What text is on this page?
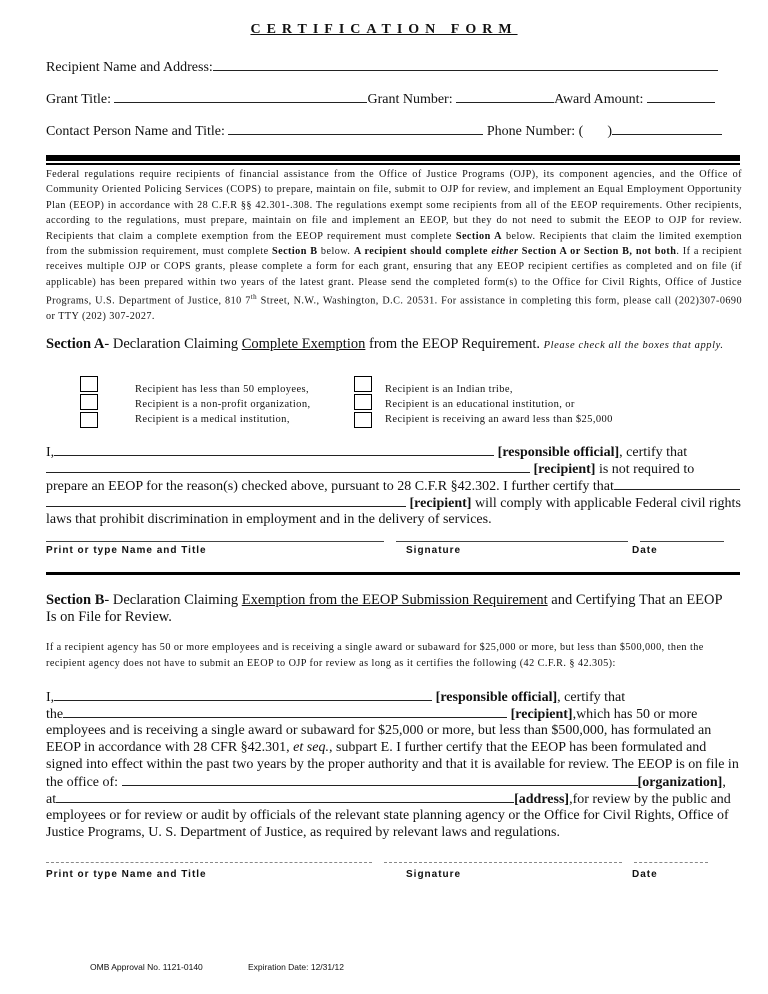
CERTIFICATION FORM
Recipient Name and Address:
Grant Title:	Grant Number:	Award Amount:
Contact Person Name and Title:	Phone Number: ( )
Federal regulations require recipients of financial assistance from the Office of Justice Programs (OJP), its component agencies, and the Office of Community Oriented Policing Services (COPS) to prepare, maintain on file, submit to OJP for review, and implement an Equal Employment Opportunity Plan (EEOP) in accordance with 28 C.F.R §§ 42.301-.308. The regulations exempt some recipients from all of the EEOP requirements. Other recipients, according to the regulations, must prepare, maintain on file and implement an EEOP, but they do not need to submit the EEOP to OJP for review. Recipients that claim a complete exemption from the EEOP requirement must complete Section A below. Recipients that claim the limited exemption from the submission requirement, must complete Section B below. A recipient should complete either Section A or Section B, not both. If a recipient receives multiple OJP or COPS grants, please complete a form for each grant, ensuring that any EEOP recipient certifies as completed and on file (if applicable) has been prepared within two years of the latest grant. Please send the completed form(s) to the Office for Civil Rights, Office of Justice Programs, U.S. Department of Justice, 810 7th Street, N.W., Washington, D.C. 20531. For assistance in completing this form, please call (202)307-0690 or TTY (202) 307-2027.
Section A- Declaration Claiming Complete Exemption from the EEOP Requirement. Please check all the boxes that apply.
Recipient has less than 50 employees,
Recipient is a non-profit organization,
Recipient is a medical institution,
Recipient is an Indian tribe,
Recipient is an educational institution, or
Recipient is receiving an award less than $25,000
I,	[responsible official], certify that
[recipient] is not required to
prepare an EEOP for the reason(s) checked above, pursuant to 28 C.F.R §42.302. I further certify that
[recipient] will comply with applicable Federal civil rights
laws that prohibit discrimination in employment and in the delivery of services.
Print or type Name and Title	Signature	Date
Section B- Declaration Claiming Exemption from the EEOP Submission Requirement and Certifying That an EEOP Is on File for Review.
If a recipient agency has 50 or more employees and is receiving a single award or subaward for $25,000 or more, but less than $500,000, then the recipient agency does not have to submit an EEOP to OJP for review as long as it certifies the following (42 C.F.R. § 42.305):
I,	[responsible official], certify that
the	[recipient],which has 50 or more
employees and is receiving a single award or subaward for $25,000 or more, but less than $500,000, has formulated an
EEOP in accordance with 28 CFR §42.301, et seq., subpart E. I further certify that the EEOP has been formulated and
signed into effect within the past two years by the proper authority and that it is available for review. The EEOP is on file in
the office of:	[organization],
at	[address],for review by the public and
employees or for review or audit by officials of the relevant state planning agency or the Office for Civil Rights, Office of
Justice Programs, U. S. Department of Justice, as required by relevant laws and regulations.
Print or type Name and Title	Signature	Date
OMB Approval No. 1121-0140	Expiration Date: 12/31/12
